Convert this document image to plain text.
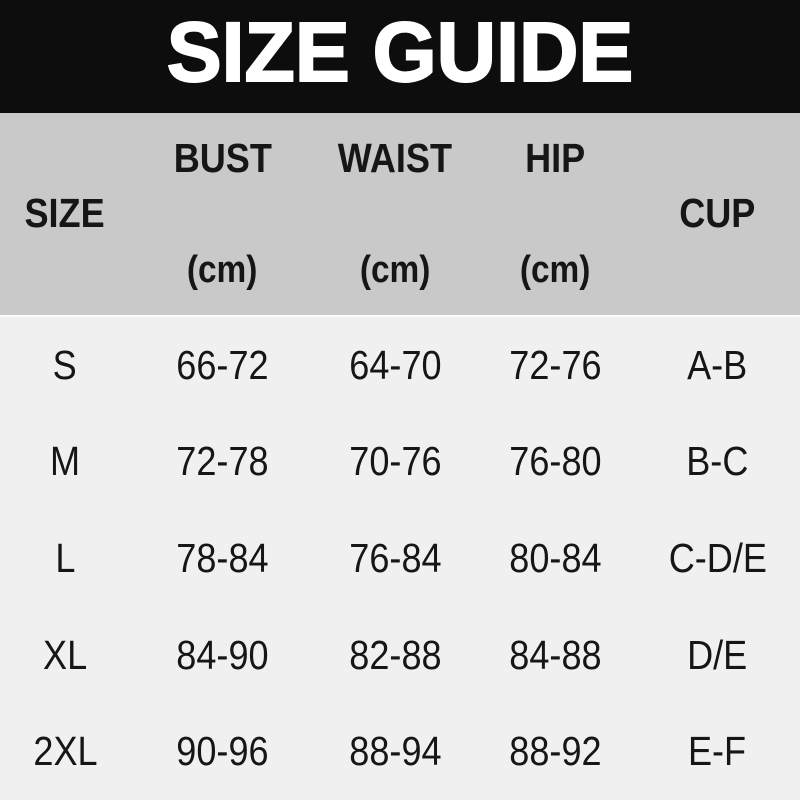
SIZE GUIDE
SIZE
BUST
(cm)
WAIST
(cm)
HIP
(cm)
CUP
S 66-72 64-70 72-76 A-B
M 72-78 70-76 76-80 B-C
L 78-84 76-84 80-84 C-D/E
XL 84-90 82-88 84-88 D/E
2XL 90-96 88-94 88-92 E-F
